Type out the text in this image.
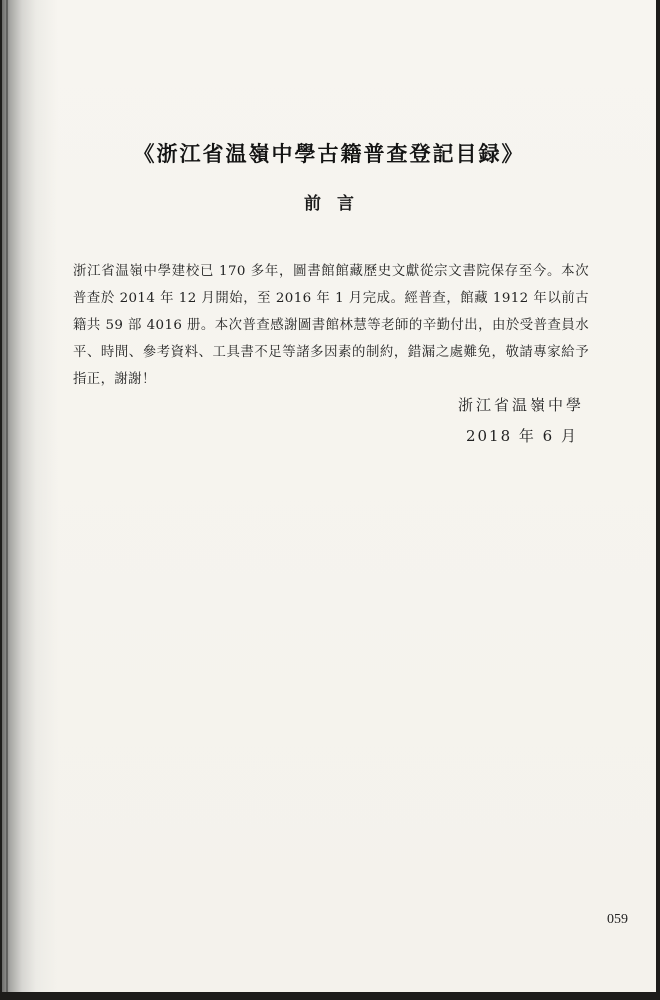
《浙江省温嶺中學古籍普查登記目録》
前言

浙江省温嶺中學建校已 170 多年，圖書館館藏歷史文獻從宗文書院保存至今。本次普查於 2014 年 12 月開始，至 2016 年 1 月完成。經普查，館藏 1912 年以前古籍共 59 部 4016 册。本次普查感謝圖書館林慧等老師的辛勤付出，由於受普查員水平、時間、參考資料、工具書不足等諸多因素的制約，錯漏之處難免，敬請專家給予指正，謝謝！

浙江省温嶺中學
2018 年 6 月
059
